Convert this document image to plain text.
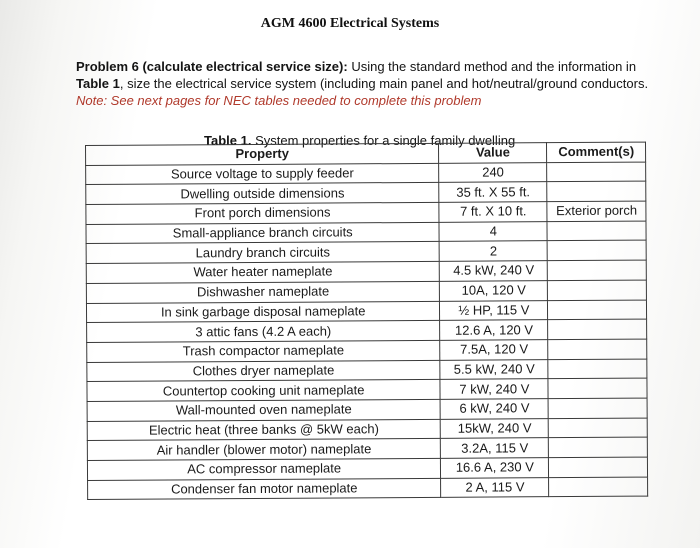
AGM 4600 Electrical Systems
Problem 6 (calculate electrical service size): Using the standard method and the information in Table 1, size the electrical service system (including main panel and hot/neutral/ground conductors. Note: See next pages for NEC tables needed to complete this problem
Table 1. System properties for a single family dwelling
Property	Value	Comment(s)
Source voltage to supply feeder	240	
Dwelling outside dimensions	35 ft. X 55 ft.	
Front porch dimensions	7 ft. X 10 ft.	Exterior porch
Small-appliance branch circuits	4	
Laundry branch circuits	2	
Water heater nameplate	4.5 kW, 240 V	
Dishwasher nameplate	10A, 120 V	
In sink garbage disposal nameplate	½ HP, 115 V	
3 attic fans (4.2 A each)	12.6 A, 120 V	
Trash compactor nameplate	7.5A, 120 V	
Clothes dryer nameplate	5.5 kW, 240 V	
Countertop cooking unit nameplate	7 kW, 240 V	
Wall-mounted oven nameplate	6 kW, 240 V	
Electric heat (three banks @ 5kW each)	15kW, 240 V	
Air handler (blower motor) nameplate	3.2A, 115 V	
AC compressor nameplate	16.6 A, 230 V	
Condenser fan motor nameplate	2 A, 115 V	
